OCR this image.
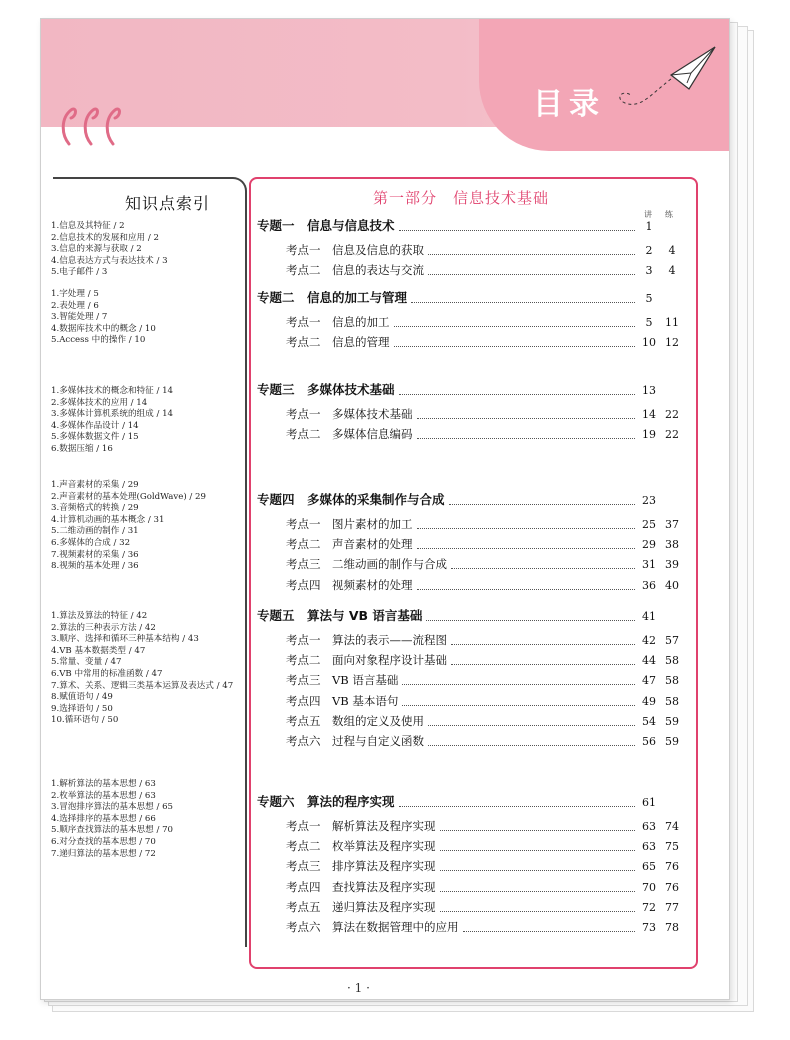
目录
知识点索引
1.信息及其特征 / 2
2.信息技术的发展和应用 / 2
3.信息的来源与获取 / 2
4.信息表达方式与表达技术 / 3
5.电子邮件 / 3
1.字处理 / 5
2.表处理 / 6
3.智能处理 / 7
4.数据库技术中的概念 / 10
5.Access 中的操作 / 10
1.多媒体技术的概念和特征 / 14
2.多媒体技术的应用 / 14
3.多媒体计算机系统的组成 / 14
4.多媒体作品设计 / 14
5.多媒体数据文件 / 15
6.数据压缩 / 16
1.声音素材的采集 / 29
2.声音素材的基本处理(GoldWave) / 29
3.音频格式的转换 / 29
4.计算机动画的基本概念 / 31
5.二维动画的制作 / 31
6.多媒体的合成 / 32
7.视频素材的采集 / 36
8.视频的基本处理 / 36
1.算法及算法的特征 / 42
2.算法的三种表示方法 / 42
3.顺序、选择和循环三种基本结构 / 43
4.VB 基本数据类型 / 47
5.常量、变量 / 47
6.VB 中常用的标准函数 / 47
7.算术、关系、逻辑三类基本运算及表达式 / 47
8.赋值语句 / 49
9.选择语句 / 50
10.循环语句 / 50
1.解析算法的基本思想 / 63
2.枚举算法的基本思想 / 63
3.冒泡排序算法的基本思想 / 65
4.选择排序的基本思想 / 66
5.顺序查找算法的基本思想 / 70
6.对分查找的基本思想 / 70
7.递归算法的基本思想 / 72
第一部分　信息技术基础
讲 练
专题一　信息与信息技术	1
考点一　信息及信息的获取	2	4
考点二　信息的表达与交流	3	4
专题二　信息的加工与管理	5
考点一　信息的加工	5	11
考点二　信息的管理	10 12
专题三　多媒体技术基础	13
考点一　多媒体技术基础	14 22
考点二　多媒体信息编码	19 22
专题四　多媒体的采集制作与合成	23
考点一　图片素材的加工	25 37
考点二　声音素材的处理	29 38
考点三　二维动画的制作与合成	31 39
考点四　视频素材的处理	36 40
专题五　算法与 VB 语言基础	41
考点一　算法的表示——流程图	42 57
考点二　面向对象程序设计基础	44 58
考点三　VB 语言基础	47 58
考点四　VB 基本语句	49 58
考点五　数组的定义及使用	54 59
考点六　过程与自定义函数	56 59
专题六　算法的程序实现	61
考点一　解析算法及程序实现	63 74
考点二　枚举算法及程序实现	63 75
考点三　排序算法及程序实现	65 76
考点四　查找算法及程序实现	70 76
考点五　递归算法及程序实现	72 77
考点六　算法在数据管理中的应用	73 78
· 1 ·
